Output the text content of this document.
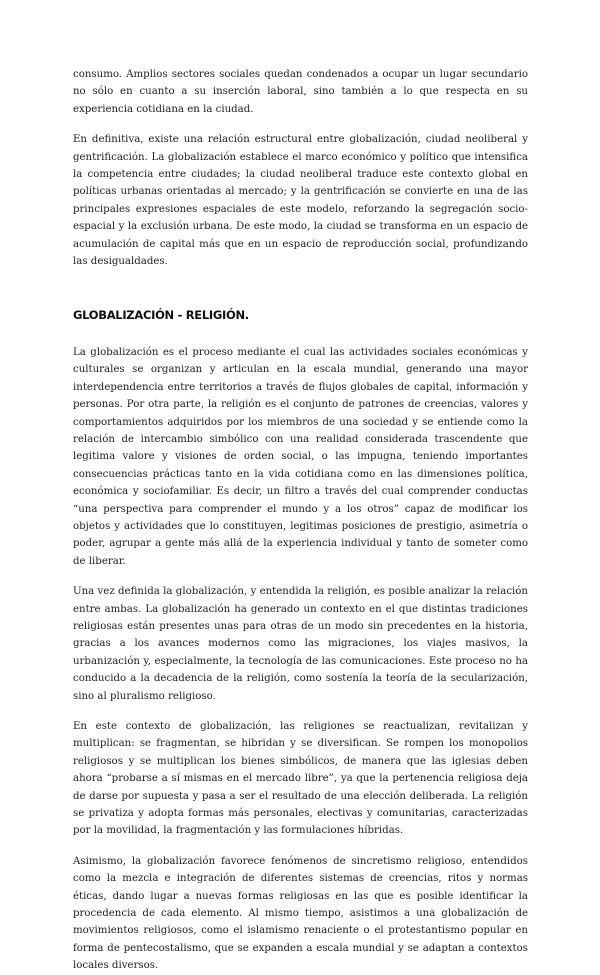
consumo. Amplios sectores sociales quedan condenados a ocupar un lugar secundario no sólo en cuanto a su inserción laboral, sino también a lo que respecta en su experiencia cotidiana en la ciudad.

En definitiva, existe una relación estructural entre globalización, ciudad neoliberal y gentrificación. La globalización establece el marco económico y político que intensifica la competencia entre ciudades; la ciudad neoliberal traduce este contexto global en políticas urbanas orientadas al mercado; y la gentrificación se convierte en una de las principales expresiones espaciales de este modelo, reforzando la segregación socio-espacial y la exclusión urbana. De este modo, la ciudad se transforma en un espacio de acumulación de capital más que en un espacio de reproducción social, profundizando las desigualdades.

GLOBALIZACIÓN - RELIGIÓN.

La globalización es el proceso mediante el cual las actividades sociales económicas y culturales se organizan y articulan en la escala mundial, generando una mayor interdependencia entre territorios a través de flujos globales de capital, información y personas. Por otra parte, la religión es el conjunto de patrones de creencias, valores y comportamientos adquiridos por los miembros de una sociedad y se entiende como la relación de intercambio simbólico con una realidad considerada trascendente que legitima valore y visiones de orden social, o las impugna, teniendo importantes consecuencias prácticas tanto en la vida cotidiana como en las dimensiones política, económica y sociofamiliar. Es decir, un filtro a través del cual comprender conductas “una perspectiva para comprender el mundo y a los otros” capaz de modificar los objetos y actividades que lo constituyen, legitimas posiciones de prestigio, asimetría o poder, agrupar a gente más allá de la experiencia individual y tanto de someter como de liberar.

Una vez definida la globalización, y entendida la religión, es posible analizar la relación entre ambas. La globalización ha generado un contexto en el que distintas tradiciones religiosas están presentes unas para otras de un modo sin precedentes en la historia, gracias a los avances modernos como las migraciones, los viajes masivos, la urbanización y, especialmente, la tecnología de las comunicaciones. Este proceso no ha conducido a la decadencia de la religión, como sostenía la teoría de la secularización, sino al pluralismo religioso.

En este contexto de globalización, las religiones se reactualizan, revitalizan y multiplican: se fragmentan, se hibridan y se diversifican. Se rompen los monopolios religiosos y se multiplican los bienes simbólicos, de manera que las iglesias deben ahora “probarse a sí mismas en el mercado libre”, ya que la pertenencia religiosa deja de darse por supuesta y pasa a ser el resultado de una elección deliberada. La religión se privatiza y adopta formas más personales, electivas y comunitarias, caracterizadas por la movilidad, la fragmentación y las formulaciones híbridas.

Asimismo, la globalización favorece fenómenos de sincretismo religioso, entendidos como la mezcla e integración de diferentes sistemas de creencias, ritos y normas éticas, dando lugar a nuevas formas religiosas en las que es posible identificar la procedencia de cada elemento. Al mismo tiempo, asistimos a una globalización de movimientos religiosos, como el islamismo renaciente o el protestantismo popular en forma de pentecostalismo, que se expanden a escala mundial y se adaptan a contextos locales diversos.
